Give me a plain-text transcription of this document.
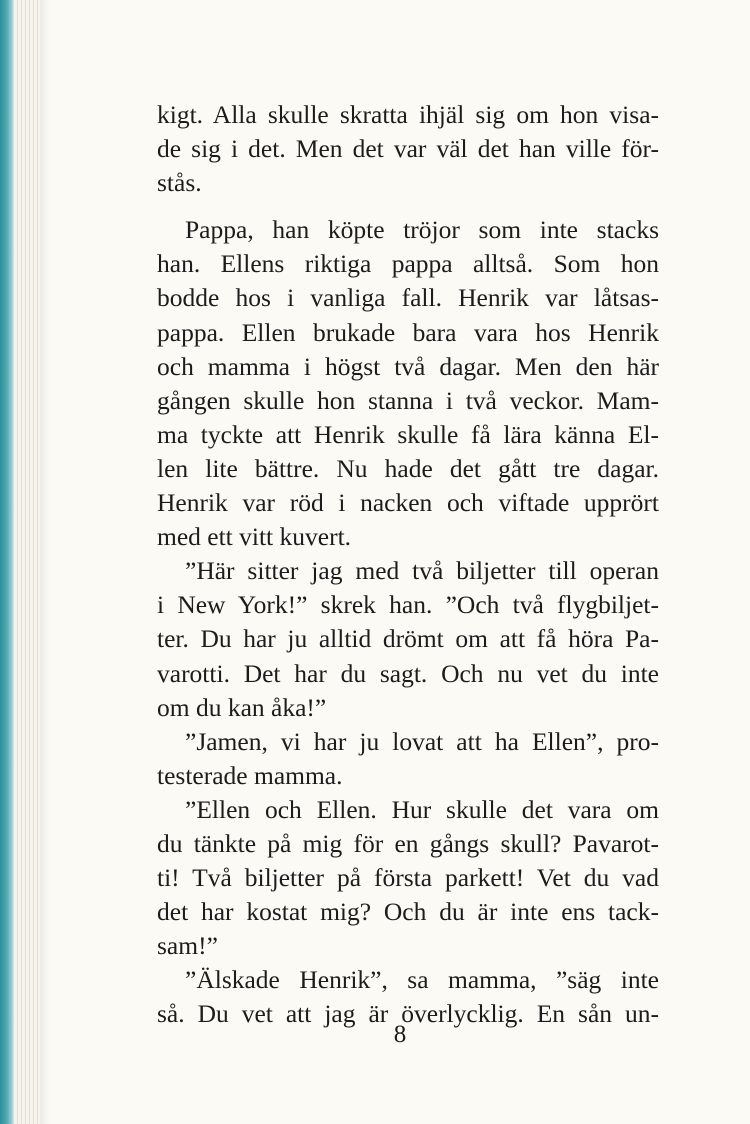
kigt. Alla skulle skratta ihjäl sig om hon visa-
de sig i det. Men det var väl det han ville för-
stås.
Pappa, han köpte tröjor som inte stacks
han. Ellens riktiga pappa alltså. Som hon
bodde hos i vanliga fall. Henrik var låtsas-
pappa. Ellen brukade bara vara hos Henrik
och mamma i högst två dagar. Men den här
gången skulle hon stanna i två veckor. Mam-
ma tyckte att Henrik skulle få lära känna El-
len lite bättre. Nu hade det gått tre dagar.
Henrik var röd i nacken och viftade upprört
med ett vitt kuvert.
”Här sitter jag med två biljetter till operan
i New York!” skrek han. ”Och två flygbiljet-
ter. Du har ju alltid drömt om att få höra Pa-
varotti. Det har du sagt. Och nu vet du inte
om du kan åka!”
”Jamen, vi har ju lovat att ha Ellen”, pro-
testerade mamma.
”Ellen och Ellen. Hur skulle det vara om
du tänkte på mig för en gångs skull? Pavarot-
ti! Två biljetter på första parkett! Vet du vad
det har kostat mig? Och du är inte ens tack-
sam!”
”Älskade Henrik”, sa mamma, ”säg inte
så. Du vet att jag är överlycklig. En sån un-
8
